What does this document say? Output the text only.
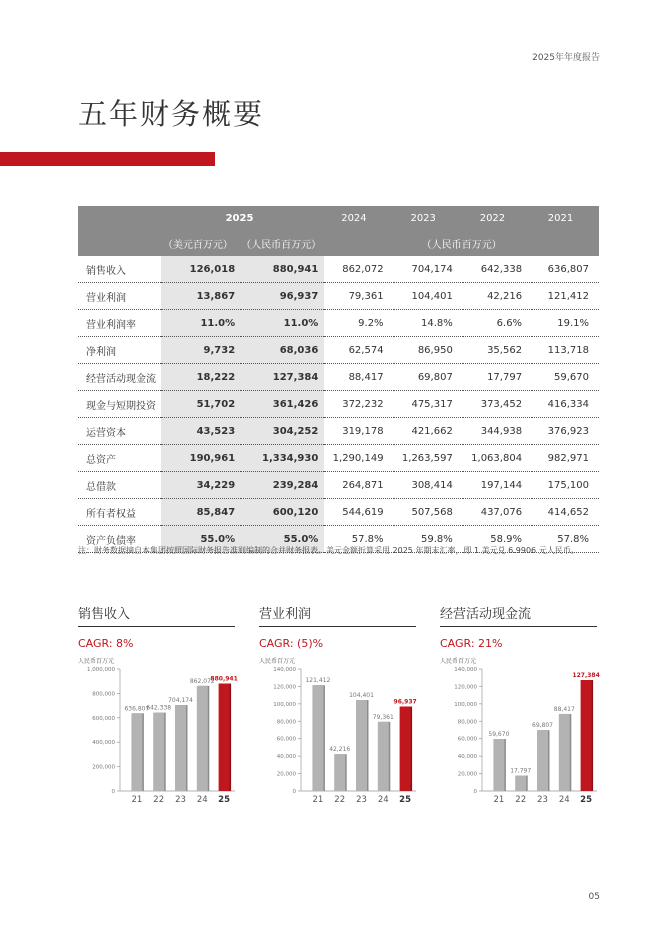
2025年年度报告
五年财务概要
	2025		2024	2023	2022	2021
	（美元百万元）	（人民币百万元）	（人民币百万元）			
销售收入	126,018	880,941	862,072	704,174	642,338	636,807
营业利润	13,867	96,937	79,361	104,401	42,216	121,412
营业利润率	11.0%	11.0%	9.2%	14.8%	6.6%	19.1%
净利润	9,732	68,036	62,574	86,950	35,562	113,718
经营活动现金流	18,222	127,384	88,417	69,807	17,797	59,670
现金与短期投资	51,702	361,426	372,232	475,317	373,452	416,334
运营资本	43,523	304,252	319,178	421,662	344,938	376,923
总资产	190,961	1,334,930	1,290,149	1,263,597	1,063,804	982,971
总借款	34,229	239,284	264,871	308,414	197,144	175,100
所有者权益	85,847	600,120	544,619	507,568	437,076	414,652
资产负债率	55.0%	55.0%	57.8%	59.8%	58.9%	57.8%
注：财务数据摘自本集团按照国际财务报告准则编制的合并财务报表。美元金额折算采用 2025 年期末汇率，即 1 美元兑 6.9906 元人民币。
销售收入
CAGR: 8%
人民币百万元
0
200,000
400,000
600,000
800,000
1,000,000
636,807
21
642,338
22
704,174
23
862,072
24
880,941
25
营业利润
CAGR: (5)%
人民币百万元
0
20,000
40,000
60,000
80,000
100,000
120,000
140,000
121,412
21
42,216
22
104,401
23
79,361
24
96,937
25
经营活动现金流
CAGR: 21%
人民币百万元
0
20,000
40,000
60,000
80,000
100,000
120,000
140,000
59,670
21
17,797
22
69,807
23
88,417
24
127,384
25
05
